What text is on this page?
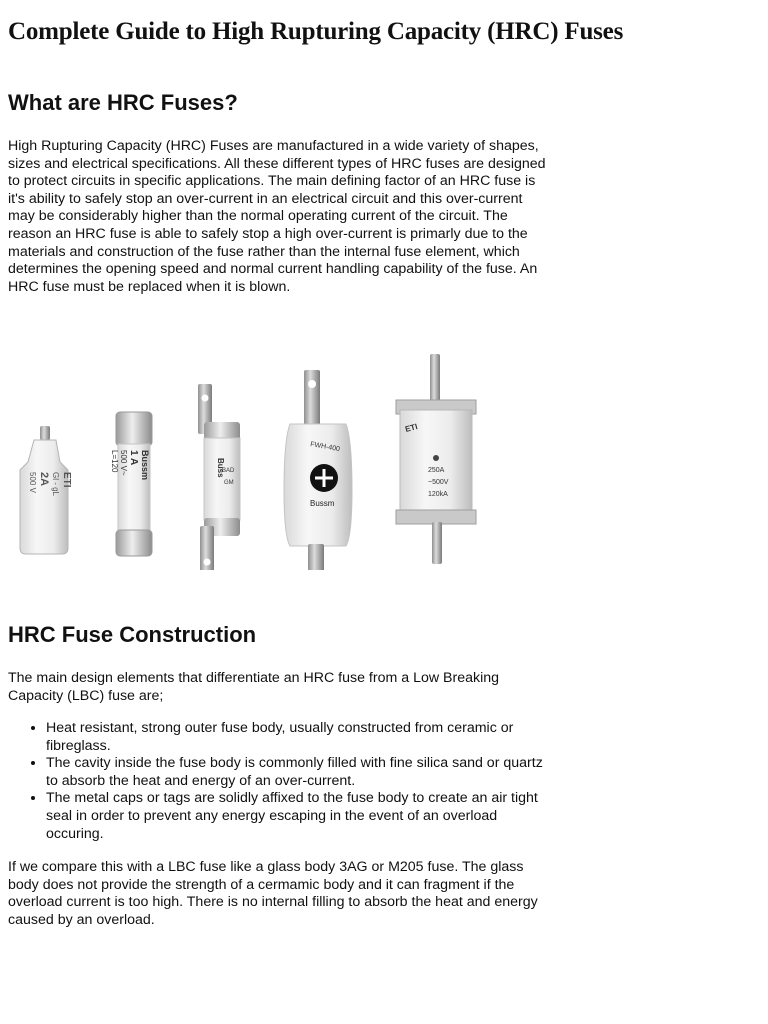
Complete Guide to High Rupturing Capacity (HRC) Fuses
What are HRC Fuses?

High Rupturing Capacity (HRC) Fuses are manufactured in a wide variety of shapes, sizes and electrical specifications. All these different types of HRC fuses are designed to protect circuits in specific applications. The main defining factor of an HRC fuse is it's ability to safely stop an over-current in an electrical circuit and this over-current may be considerably higher than the normal operating current of the circuit. The reason an HRC fuse is able to safely stop a high over-current is primarly due to the materials and construction of the fuse rather than the internal fuse element, which determines the opening speed and normal current handling capability of the fuse. An HRC fuse must be replaced when it is blown.

HRC Fuse Construction

The main design elements that differentiate an HRC fuse from a Low Breaking Capacity (LBC) fuse are;

• Heat resistant, strong outer fuse body, usually constructed from ceramic or fibreglass.
• The cavity inside the fuse body is commonly filled with fine silica sand or quartz to absorb the heat and energy of an over-current.
• The metal caps or tags are solidly affixed to the fuse body to create an air tight seal in order to prevent any energy escaping in the event of an overload occuring.

If we compare this with a LBC fuse like a glass body 3AG or M205 fuse. The glass body does not provide the strength of a cermamic body and it can fragment if the overload current is too high. There is no internal filling to absorb the heat and energy caused by an overload.

ETI
Gl - gL
2A
500 V
Bussm
1 A
500 V~
L=120	Buss
BAD
GM
FWH-400
Bussm
ETI
250A
~500V
120kA
